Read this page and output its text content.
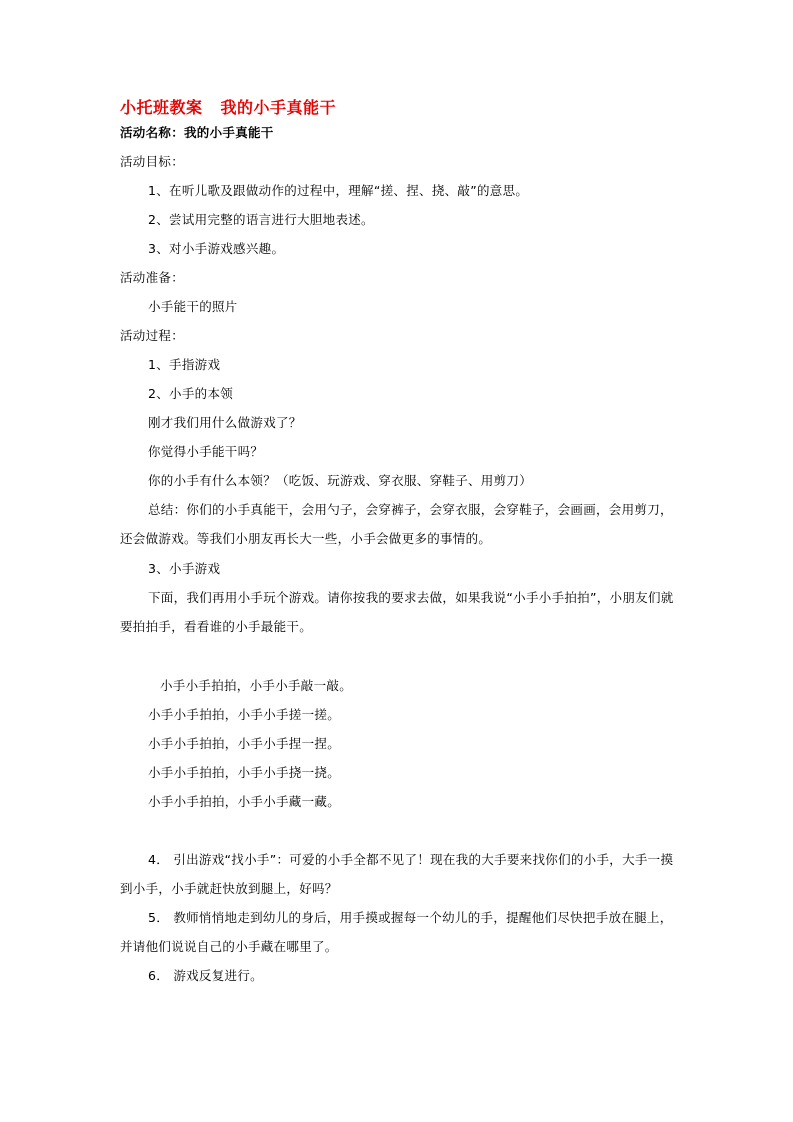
小托班教案 我的小手真能干
活动名称：我的小手真能干
活动目标：
1、在听儿歌及跟做动作的过程中，理解“搓、捏、挠、敲”的意思。
2、尝试用完整的语言进行大胆地表述。
3、对小手游戏感兴趣。
活动准备：
小手能干的照片
活动过程：
1、手指游戏
2、小手的本领
刚才我们用什么做游戏了？
你觉得小手能干吗？
你的小手有什么本领？（吃饭、玩游戏、穿衣服、穿鞋子、用剪刀）
总结：你们的小手真能干，会用勺子，会穿裤子，会穿衣服，会穿鞋子，会画画，会用剪刀，还会做游戏。等我们小朋友再长大一些，小手会做更多的事情的。
3、小手游戏
下面，我们再用小手玩个游戏。请你按我的要求去做，如果我说“小手小手拍拍”，小朋友们就要拍拍手，看看谁的小手最能干。
小手小手拍拍，小手小手敲一敲。
小手小手拍拍，小手小手搓一搓。
小手小手拍拍，小手小手捏一捏。
小手小手拍拍，小手小手挠一挠。
小手小手拍拍，小手小手藏一藏。
4． 引出游戏“找小手”：可爱的小手全都不见了！现在我的大手要来找你们的小手，大手一摸到小手，小手就赶快放到腿上，好吗？
5． 教师悄悄地走到幼儿的身后，用手摸或握每一个幼儿的手，提醒他们尽快把手放在腿上，并请他们说说自己的小手藏在哪里了。
6． 游戏反复进行。
